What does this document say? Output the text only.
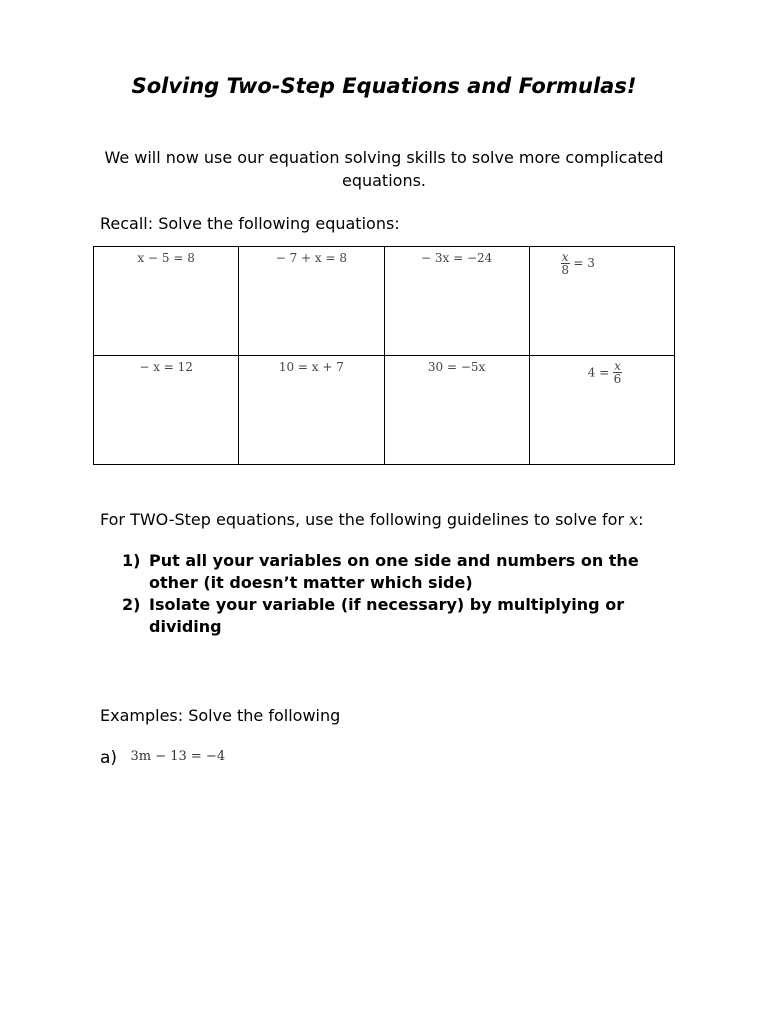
Solving Two-Step Equations and Formulas!
We will now use our equation solving skills to solve more complicated equations.
Recall: Solve the following equations:
x − 5 = 8	− 7 + x = 8	− 3x = −24	$\frac{x}{8} = 3$
− x = 12	10 = x + 7	30 = −5x	$4 = \frac{x}{6}$
For TWO-Step equations, use the following guidelines to solve for x:
1) Put all your variables on one side and numbers on the other (it doesn’t matter which side)
2) Isolate your variable (if necessary) by multiplying or dividing
Examples: Solve the following
a) 3m − 13 = −4
